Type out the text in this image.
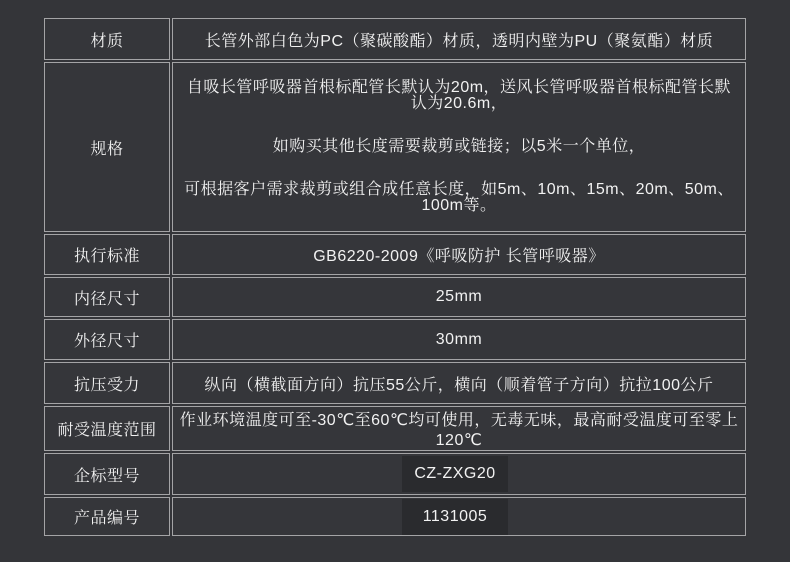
材质	长管外部白色为PC（聚碳酸酯）材质，透明内壁为PU（聚氨酯）材质
规格	自吸长管呼吸器首根标配管长默认为20m，送风长管呼吸器首根标配管长默认为20.6m，
如购买其他长度需要裁剪或链接；以5米一个单位，
可根据客户需求裁剪或组合成任意长度，如5m、10m、15m、20m、50m、100m等。

执行标准	GB6220-2009《呼吸防护 长管呼吸器》
内径尺寸	25mm
外径尺寸	30mm
抗压受力	纵向（横截面方向）抗压55公斤，横向（顺着管子方向）抗拉100公斤
耐受温度范围	作业环境温度可至-30℃至60℃均可使用，无毒无味，最高耐受温度可至零上120℃
企标型号	CZ-ZXG20
产品编号	1131005
